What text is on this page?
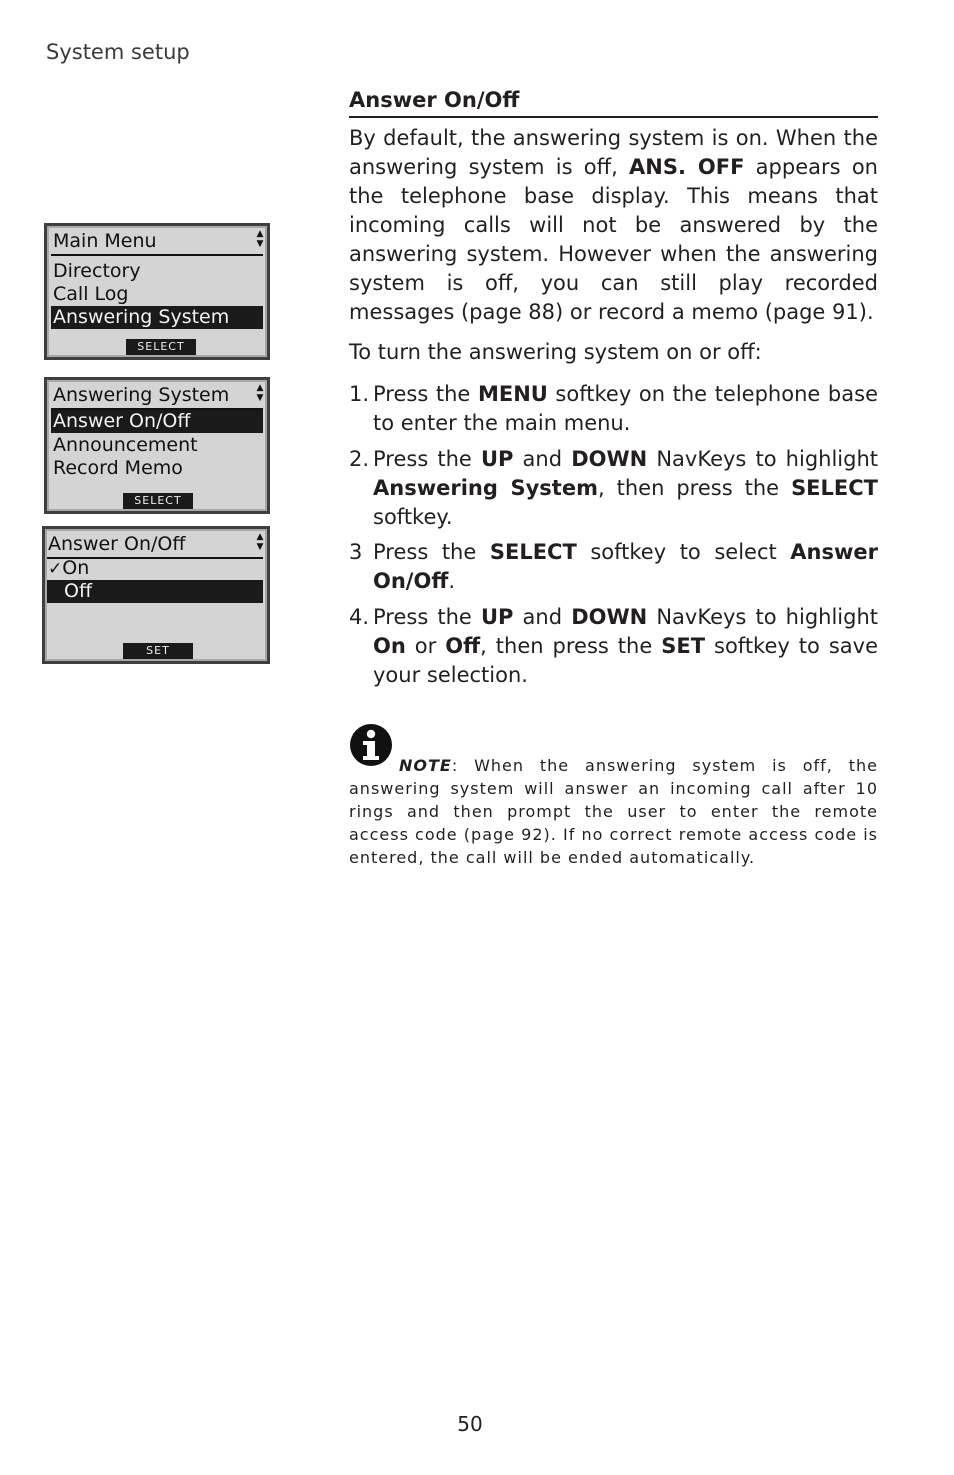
System setup
Main Menu	▲
▼
Directory
Call Log
Answering System
SELECT
Answering System	▲
▼
Answer On/Off
Announcement
Record Memo
SELECT
Answer On/Off	▲
▼
✓On
Off
SET
Answer On/Off
By default, the answering system is on. When the answering system is off, ANS. OFF appears on the telephone base display. This means that incoming calls will not be answered by the answering system. However when the answering system is off, you can still play recorded messages (page 88) or record a memo (page 91).
To turn the answering system on or off:
1. Press the MENU softkey on the telephone base to enter the main menu.
2. Press the UP and DOWN NavKeys to highlight Answering System, then press the SELECT softkey.
3 Press the SELECT softkey to select Answer On/Off.
4. Press the UP and DOWN NavKeys to highlight On or Off, then press the SET softkey to save your selection.
NOTE: When the answering system is off, the answering system will answer an incoming call after 10 rings and then prompt the user to enter the remote access code (page 92). If no correct remote access code is entered, the call will be ended automatically.
50
